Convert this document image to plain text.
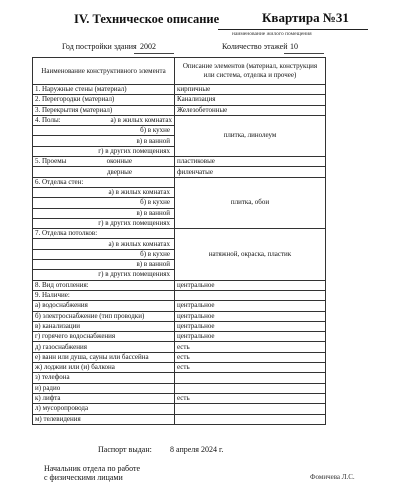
IV. Техническое описание	Квартира №31
наименование жилого помещения
Год постройки здания 2002	Количество этажей 10
Наименование конструктивного элемента	Описание элементов (материал, конструкция или система, отделка и прочее)
1. Наружные стены (материал)	кирпичные
2. Перегородки (материал)	Канализация
3. Перекрытия (материал)	Железобетонные

4. Полы: а) в жилых комнатах	плитка, линолеум
б) в кухне	
в) в ванной	
г) в других помещениях	

5. Проемы оконные	пластиковые

дверные	филенчатые
6. Отделка стен:	плитка, обои
а) в жилых комнатах	
б) в кухне	
в) в ванной	
г) в других помещениях	
7. Отделка потолков:	натяжной, окраска, пластик
а) в жилых комнатах	
б) в кухне	
в) в ванной	
г) в других помещениях	
8. Вид отопления:	центральное
9. Наличие:	
а) водоснабжения	центральное
б) электроснабжение (тип проводки)	центральное
в) канализации	центральное
г) горячего водоснабжения	центральное
д) газоснабжения	есть
е) ванн или душа, сауны или бассейна	есть
ж) лоджии или (и) балкона	есть
з) телефона	
и) радио	
к) лифта	есть
л) мусоропровода	
м) телевидения	
Паспорт выдан: 8 апреля 2024 г.
Начальник отдела по работе
с физическими лицами	Фомичева Л.С.
